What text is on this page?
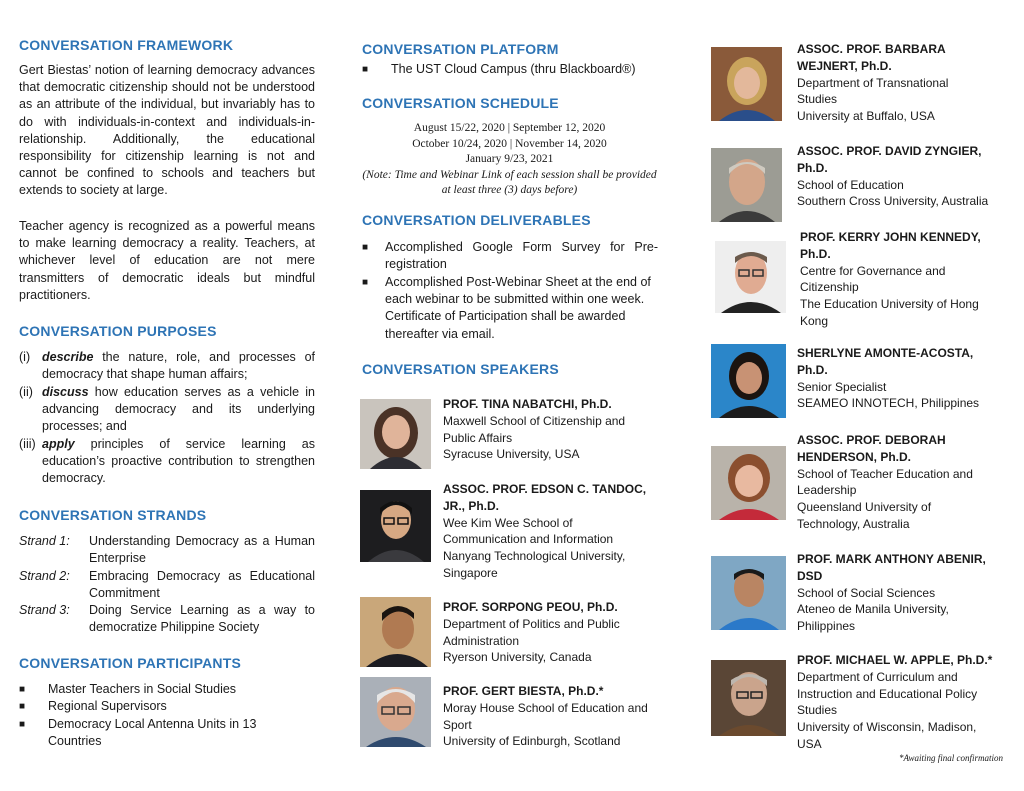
CONVERSATION FRAMEWORK

Gert Biestas’ notion of learning democracy advances that democratic citizenship should not be understood as an attribute of the individual, but invariably has to do with individuals-in-context and individuals-in-relationship. Additionally, the educational responsibility for citizenship learning is not and cannot be confined to schools and teachers but extends to society at large.

Teacher agency is recognized as a powerful means to make learning democracy a reality. Teachers, at whichever level of education are not mere transmitters of democratic ideals but mindful practitioners.

CONVERSATION PURPOSES
(i) describe the nature, role, and processes of democracy that shape human affairs;
(ii) discuss how education serves as a vehicle in advancing democracy and its underlying processes; and
(iii) apply principles of service learning as education’s proactive contribution to strengthen democracy.
CONVERSATION STRANDS
Strand 1: Understanding Democracy as a Human Enterprise
Strand 2: Embracing Democracy as Educational Commitment
Strand 3: Doing Service Learning as a way to democratize Philippine Society
CONVERSATION PARTICIPANTS
■ Master Teachers in Social Studies
■ Regional Supervisors
■ Democracy Local Antenna Units in 13 Countries
CONVERSATION PLATFORM
■ The UST Cloud Campus (thru Blackboard®)
CONVERSATION SCHEDULE
August 15/22, 2020 | September 12, 2020
October 10/24, 2020 | November 14, 2020
January 9/23, 2021
(Note: Time and Webinar Link of each session shall be provided at least three (3) days before)
CONVERSATION DELIVERABLES
■ Accomplished Google Form Survey for Pre-registration
■ Accomplished Post-Webinar Sheet at the end of each webinar to be submitted within one week. Certificate of Participation shall be awarded thereafter via email.
CONVERSATION SPEAKERS
PROF. TINA NABATCHI, Ph.D.
Maxwell School of Citizenship and
Public Affairs
Syracuse University, USA
ASSOC. PROF. EDSON C. TANDOC, JR., Ph.D.
Wee Kim Wee School of
Communication and Information
Nanyang Technological University,
Singapore
PROF. SORPONG PEOU, Ph.D.
Department of Politics and Public
Administration
Ryerson University, Canada
PROF. GERT BIESTA, Ph.D.*
Moray House School of Education and
Sport
University of Edinburgh, Scotland
ASSOC. PROF. BARBARA WEJNERT, Ph.D.
Department of Transnational
Studies
University at Buffalo, USA
ASSOC. PROF. DAVID ZYNGIER, Ph.D.
School of Education
Southern Cross University, Australia
PROF. KERRY JOHN KENNEDY, Ph.D.
Centre for Governance and
Citizenship
The Education University of Hong
Kong
SHERLYNE AMONTE-ACOSTA, Ph.D.
Senior Specialist
SEAMEO INNOTECH, Philippines
ASSOC. PROF. DEBORAH HENDERSON, Ph.D.
School of Teacher Education and
Leadership
Queensland University of
Technology, Australia
PROF. MARK ANTHONY ABENIR, DSD
School of Social Sciences
Ateneo de Manila University,
Philippines
PROF. MICHAEL W. APPLE, Ph.D.*
Department of Curriculum and
Instruction and Educational Policy
Studies
University of Wisconsin, Madison,
USA
*Awaiting final confirmation
